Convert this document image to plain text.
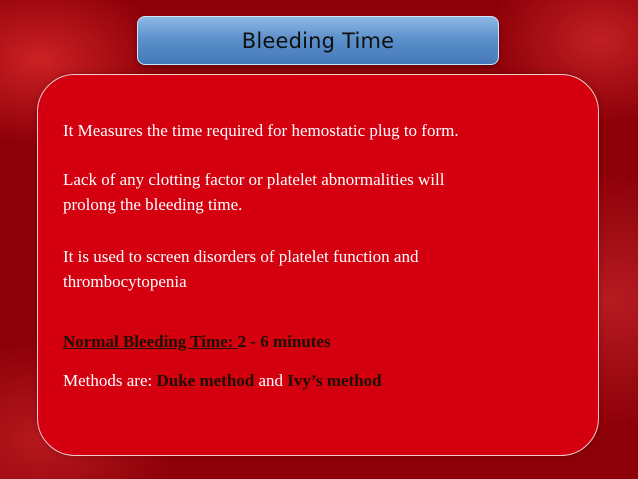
Bleeding Time

It Measures the time required for hemostatic plug to form.

Lack of any clotting factor or platelet abnormalities will
prolong the bleeding time.

It is used to screen disorders of platelet function and
thrombocytopenia

Normal Bleeding Time: 2 - 6 minutes

Methods are: Duke method and Ivy’s method
